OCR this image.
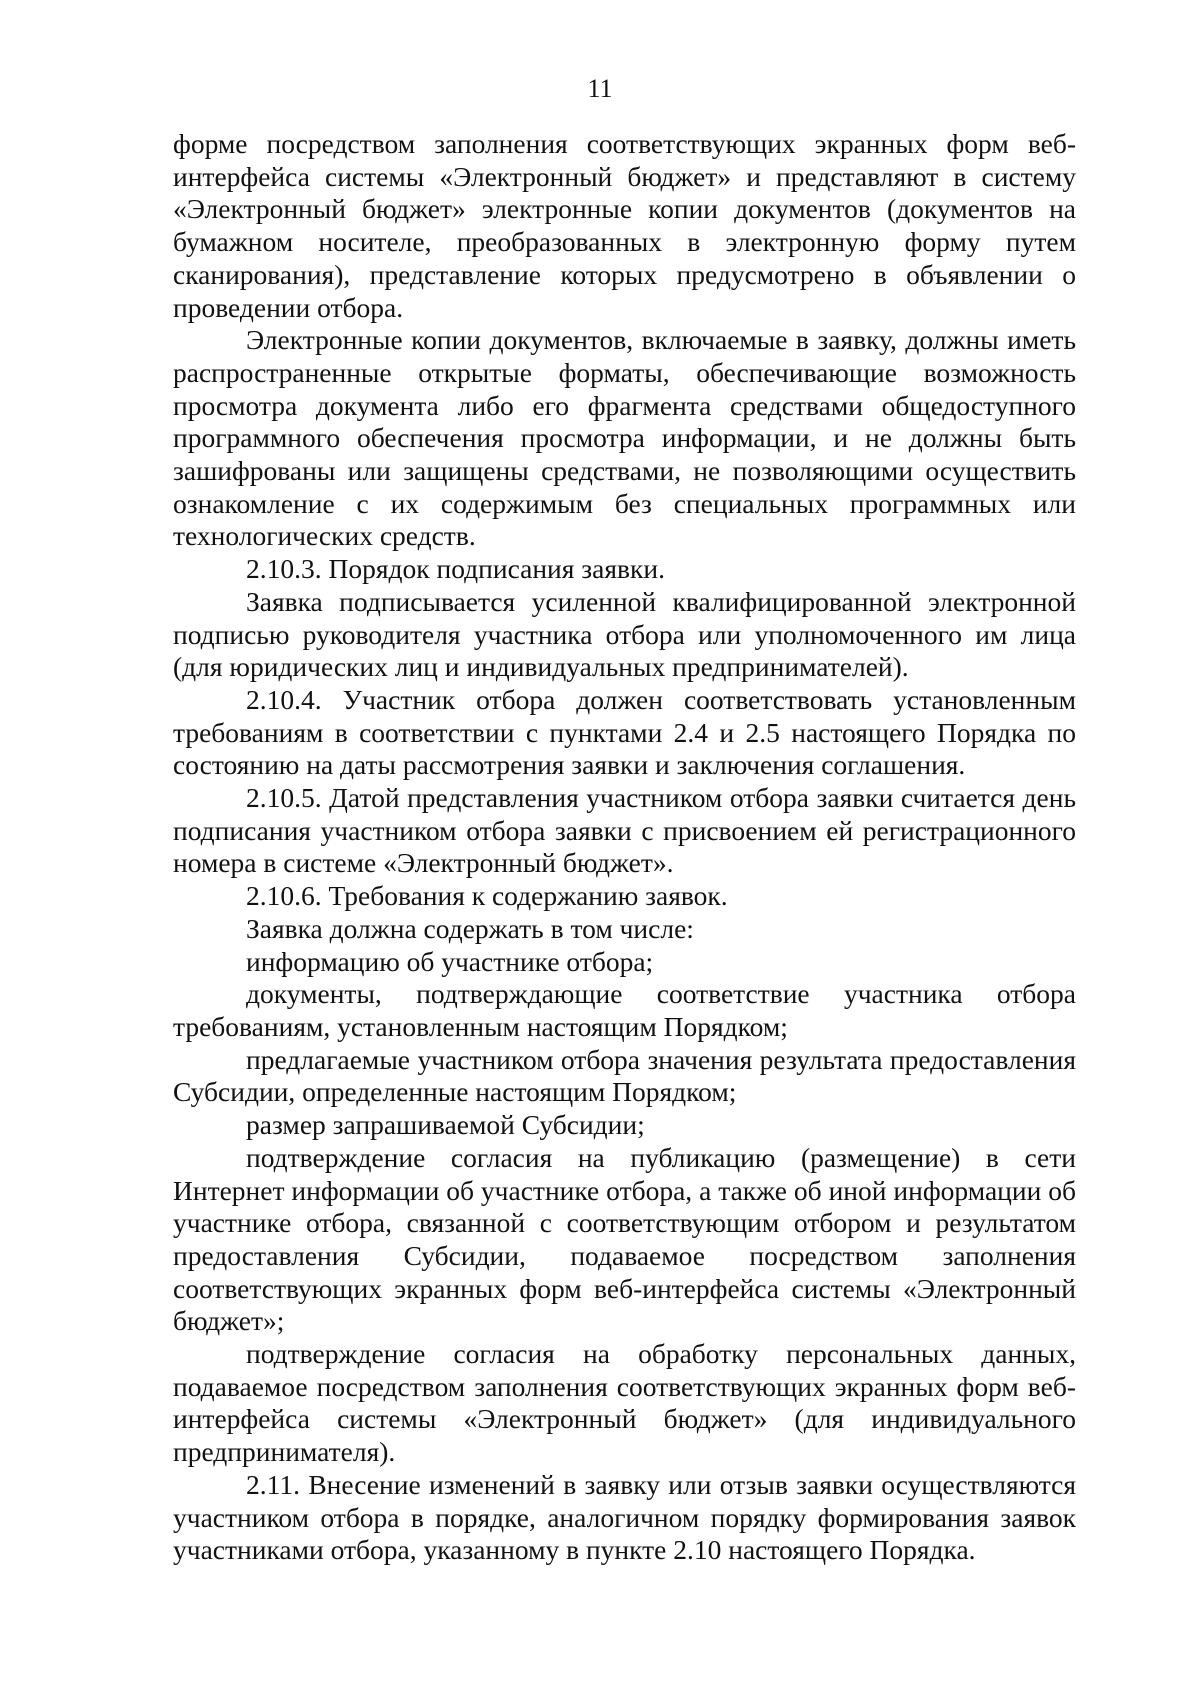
11

форме посредством заполнения соответствующих экранных форм веб-интерфейса системы «Электронный бюджет» и представляют в систему «Электронный бюджет» электронные копии документов (документов на бумажном носителе, преобразованных в электронную форму путем сканирования), представление которых предусмотрено в объявлении о проведении отбора.

Электронные копии документов, включаемые в заявку, должны иметь распространенные открытые форматы, обеспечивающие возможность просмотра документа либо его фрагмента средствами общедоступного программного обеспечения просмотра информации, и не должны быть зашифрованы или защищены средствами, не позволяющими осуществить ознакомление с их содержимым без специальных программных или технологических средств.

2.10.3. Порядок подписания заявки.

Заявка подписывается усиленной квалифицированной электронной подписью руководителя участника отбора или уполномоченного им лица (для юридических лиц и индивидуальных предпринимателей).

2.10.4. Участник отбора должен соответствовать установленным требованиям в соответствии с пунктами 2.4 и 2.5 настоящего Порядка по состоянию на даты рассмотрения заявки и заключения соглашения.

2.10.5. Датой представления участником отбора заявки считается день подписания участником отбора заявки с присвоением ей регистрационного номера в системе «Электронный бюджет».

2.10.6. Требования к содержанию заявок.

Заявка должна содержать в том числе:

информацию об участнике отбора;

документы, подтверждающие соответствие участника отбора требованиям, установленным настоящим Порядком;

предлагаемые участником отбора значения результата предоставления Субсидии, определенные настоящим Порядком;

размер запрашиваемой Субсидии;

подтверждение согласия на публикацию (размещение) в сети Интернет информации об участнике отбора, а также об иной информации об участнике отбора, связанной с соответствующим отбором и результатом предоставления Субсидии, подаваемое посредством заполнения соответствующих экранных форм веб-интерфейса системы «Электронный бюджет»;

подтверждение согласия на обработку персональных данных, подаваемое посредством заполнения соответствующих экранных форм веб-интерфейса системы «Электронный бюджет» (для индивидуального предпринимателя).

2.11. Внесение изменений в заявку или отзыв заявки осуществляются участником отбора в порядке, аналогичном порядку формирования заявок участниками отбора, указанному в пункте 2.10 настоящего Порядка.
